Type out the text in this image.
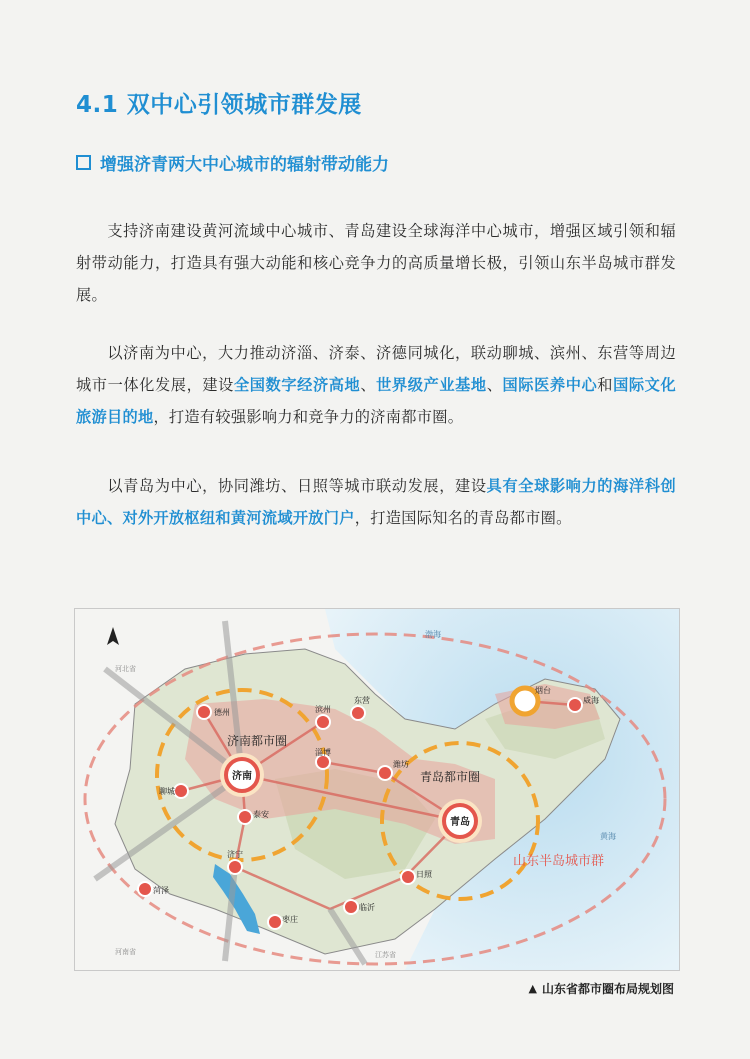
4.1 双中心引领城市群发展
增强济青两大中心城市的辐射带动能力

支持济南建设黄河流域中心城市、青岛建设全球海洋中心城市，增强区域引领和辐射带动能力，打造具有强大动能和核心竞争力的高质量增长极，引领山东半岛城市群发展。

以济南为中心，大力推动济淄、济泰、济德同城化，联动聊城、滨州、东营等周边城市一体化发展，建设全国数字经济高地、世界级产业基地、国际医养中心和国际文化旅游目的地，打造有较强影响力和竞争力的济南都市圈。

以青岛为中心，协同潍坊、日照等城市联动发展，建设具有全球影响力的海洋科创中心、对外开放枢纽和黄河流域开放门户，打造国际知名的青岛都市圈。

德州	滨州
东营
聊城
淄博
潍坊
泰安
烟台
威海
菏泽
济宁
临沂
日照
枣庄
济南
青岛
济南都市圈
青岛都市圈
山东半岛城市群
渤海
黄海
河北省
河南省	江苏省
▲ 山东省都市圈布局规划图
